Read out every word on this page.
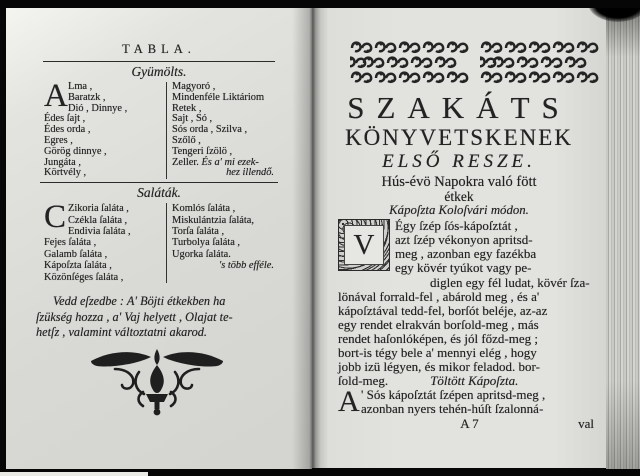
TABLA.
Gyümölts.
A Lma ,
Baratzk ,
Dió , Dinnye ,
Édes ſajt ,
Édes orda ,
Egres ,
Görög dinnye ,
Jungáta ,
Körtvély ,
Magyoró ,
Mindenféle Liktáriom
Retek ,
Sajt , Só ,
Sós orda , Szilva ,
Szőlő ,
Tengeri ſzölö ,
Zeller. És a' mi ezek-
hez illendő.
Saláták.
C Zikoria ſaláta ,
Czékla ſaláta ,
Endivia ſaláta ,
Fejes ſaláta ,
Galamb ſaláta ,
Kápoſzta ſaláta ,
Közönſéges ſaláta ,
Komlós ſaláta ,
Miskulántzia ſaláta,
Torſa ſaláta ,
Turbolya ſaláta ,
Ugorka ſaláta.
's több efféle.
Vedd eſzedbe : A' Böjti étkekben ha
ſzükség hozza , a' Vaj helyett , Olajat te-
hetſz , valamint változtatni akarod.
SZAKÁTS
KÖNYVETSKENEK
ELSŐ RESZE.
Hús-évö Napokra való fött
étkek
Kápoſzta Koloſvári módon.
V
Égy ſzép ſós-kápoſztát ,
azt ſzép vékonyon apritsd-
meg , azonban egy fazékba
egy kövér tyúkot vagy pe-
diglen egy fél ludat, kövér ſza-
lönával forrald-fel , abárold meg , és a'
kápoſztával tedd-fel, borſót beléje, az-az
egy rendet elrakván borſold-meg , más
rendet haſonlóképen, és jól főzd-meg ;
bort-is tégy bele a' mennyi elég , hogy
jobb izü légyen, és mikor feladod. bor-
ſold-meg.	Töltött Kápoſzta.
A ' Sós kápoſztát ſzépen apritsd-meg ,
azonban nyers tehén-húſt ſzalonná-
A 7	val
